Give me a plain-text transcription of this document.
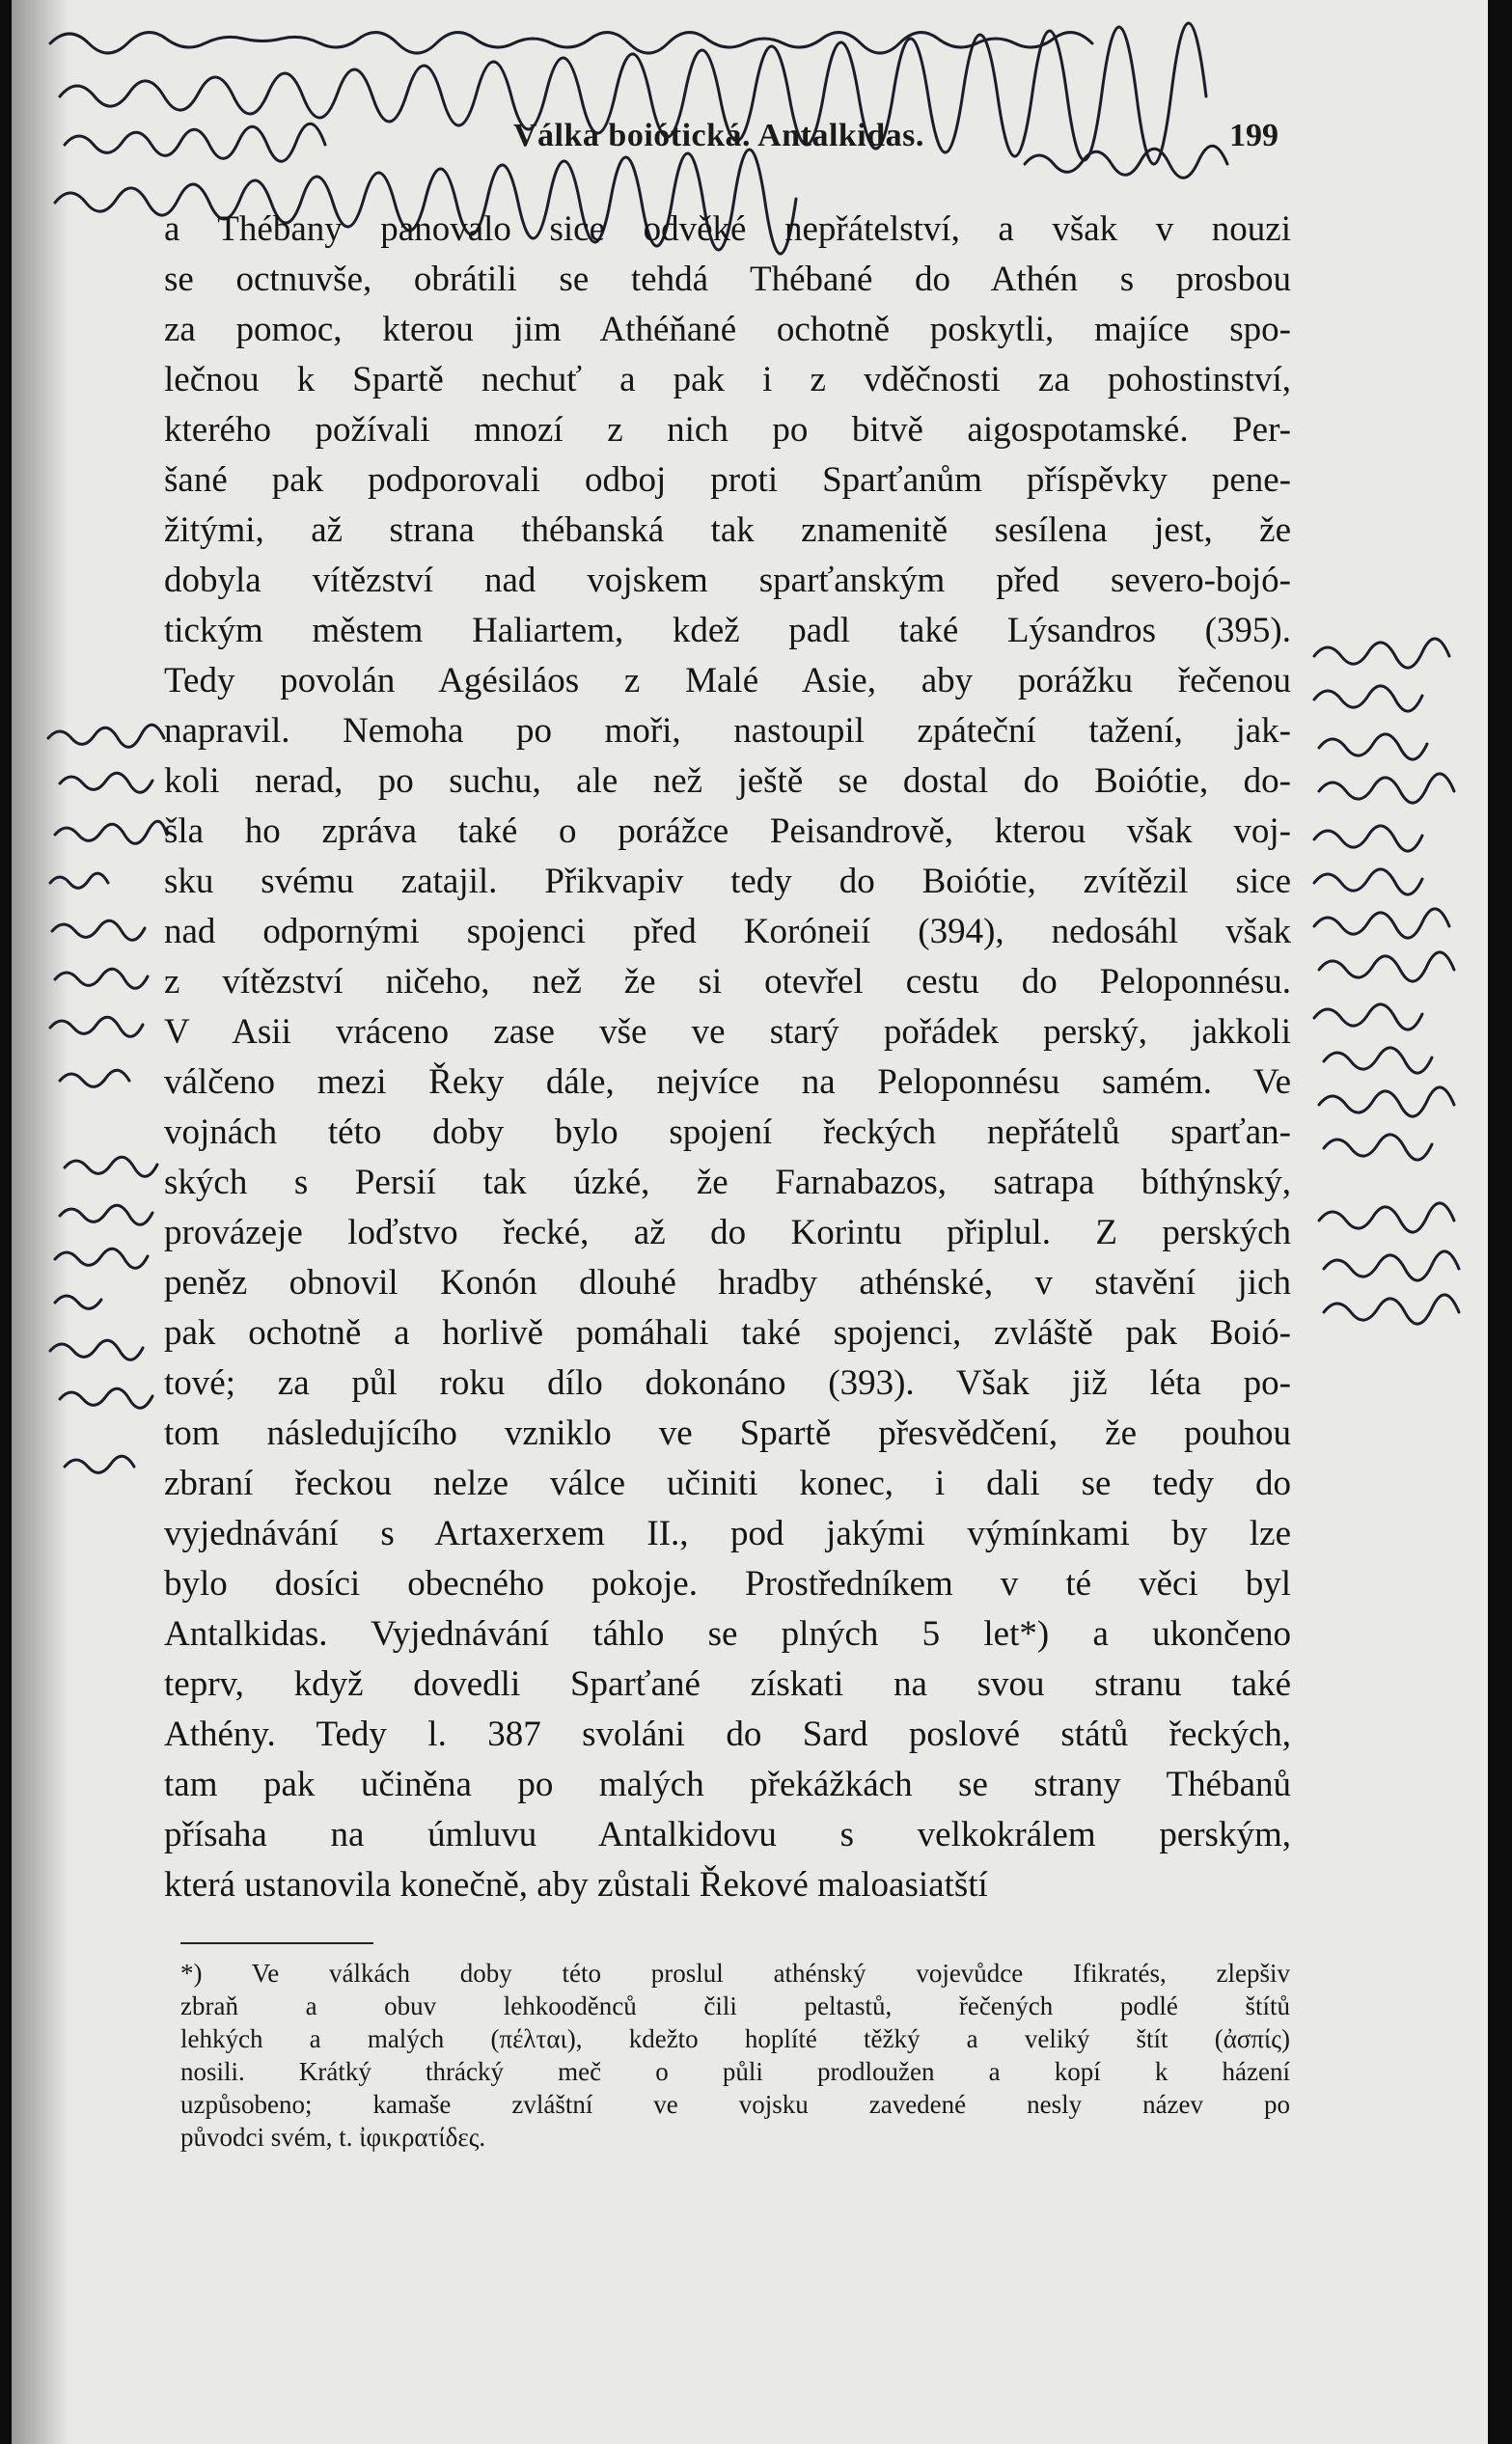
Válka boiótická. Antalkidas.	199
a Thébany panovalo sice odvěké nepřátelství, a však v nouzi
se octnuvše, obrátili se tehdá Thébané do Athén s prosbou
za pomoc, kterou jim Athéňané ochotně poskytli, majíce spo-
lečnou k Spartě nechuť a pak i z vděčnosti za pohostinství,
kterého požívali mnozí z nich po bitvě aigospotamské. Per-
šané pak podporovali odboj proti Sparťanům příspěvky pene-
žitými, až strana thébanská tak znamenitě sesílena jest, že
dobyla vítězství nad vojskem sparťanským před severo-bojó-
tickým městem Haliartem, kdež padl také Lýsandros (395).
Tedy povolán Agésiláos z Malé Asie, aby porážku řečenou
napravil. Nemoha po moři, nastoupil zpáteční tažení, jak-
koli nerad, po suchu, ale než ještě se dostal do Boiótie, do-
šla ho zpráva také o porážce Peisandrově, kterou však voj-
sku svému zatajil. Přikvapiv tedy do Boiótie, zvítězil sice
nad odpornými spojenci před Koróneií (394), nedosáhl však
z vítězství ničeho, než že si otevřel cestu do Peloponnésu.
V Asii vráceno zase vše ve starý pořádek perský, jakkoli
válčeno mezi Řeky dále, nejvíce na Peloponnésu samém. Ve
vojnách této doby bylo spojení řeckých nepřátelů sparťan-
ských s Persií tak úzké, že Farnabazos, satrapa bíthýnský,
provázeje loďstvo řecké, až do Korintu připlul. Z perských
peněz obnovil Konón dlouhé hradby athénské, v stavění jich
pak ochotně a horlivě pomáhali také spojenci, zvláště pak Boió-
tové; za půl roku dílo dokonáno (393). Však již léta po-
tom následujícího vzniklo ve Spartě přesvědčení, že pouhou
zbraní řeckou nelze válce učiniti konec, i dali se tedy do
vyjednávání s Artaxerxem II., pod jakými výmínkami by lze
bylo dosíci obecného pokoje. Prostředníkem v té věci byl
Antalkidas. Vyjednávání táhlo se plných 5 let*) a ukončeno
teprv, když dovedli Sparťané získati na svou stranu také
Athény. Tedy l. 387 svoláni do Sard poslové států řeckých,
tam pak učiněna po malých překážkách se strany Thébanů
přísaha na úmluvu Antalkidovu s velkokrálem perským,
která ustanovila konečně, aby zůstali Řekové maloasiatští
*) Ve válkách doby této proslul athénský vojevůdce Ifikratés, zlepšiv
zbraň a obuv lehkooděnců čili peltastů, řečených podlé štítů
lehkých a malých (πέλται), kdežto hoplíté těžký a veliký štít (ἀσπίς)
nosili. Krátký thrácký meč o půli prodloužen a kopí k házení
uzpůsobeno; kamaše zvláštní ve vojsku zavedené nesly název po
původci svém, t. ἰφικρατίδες.
